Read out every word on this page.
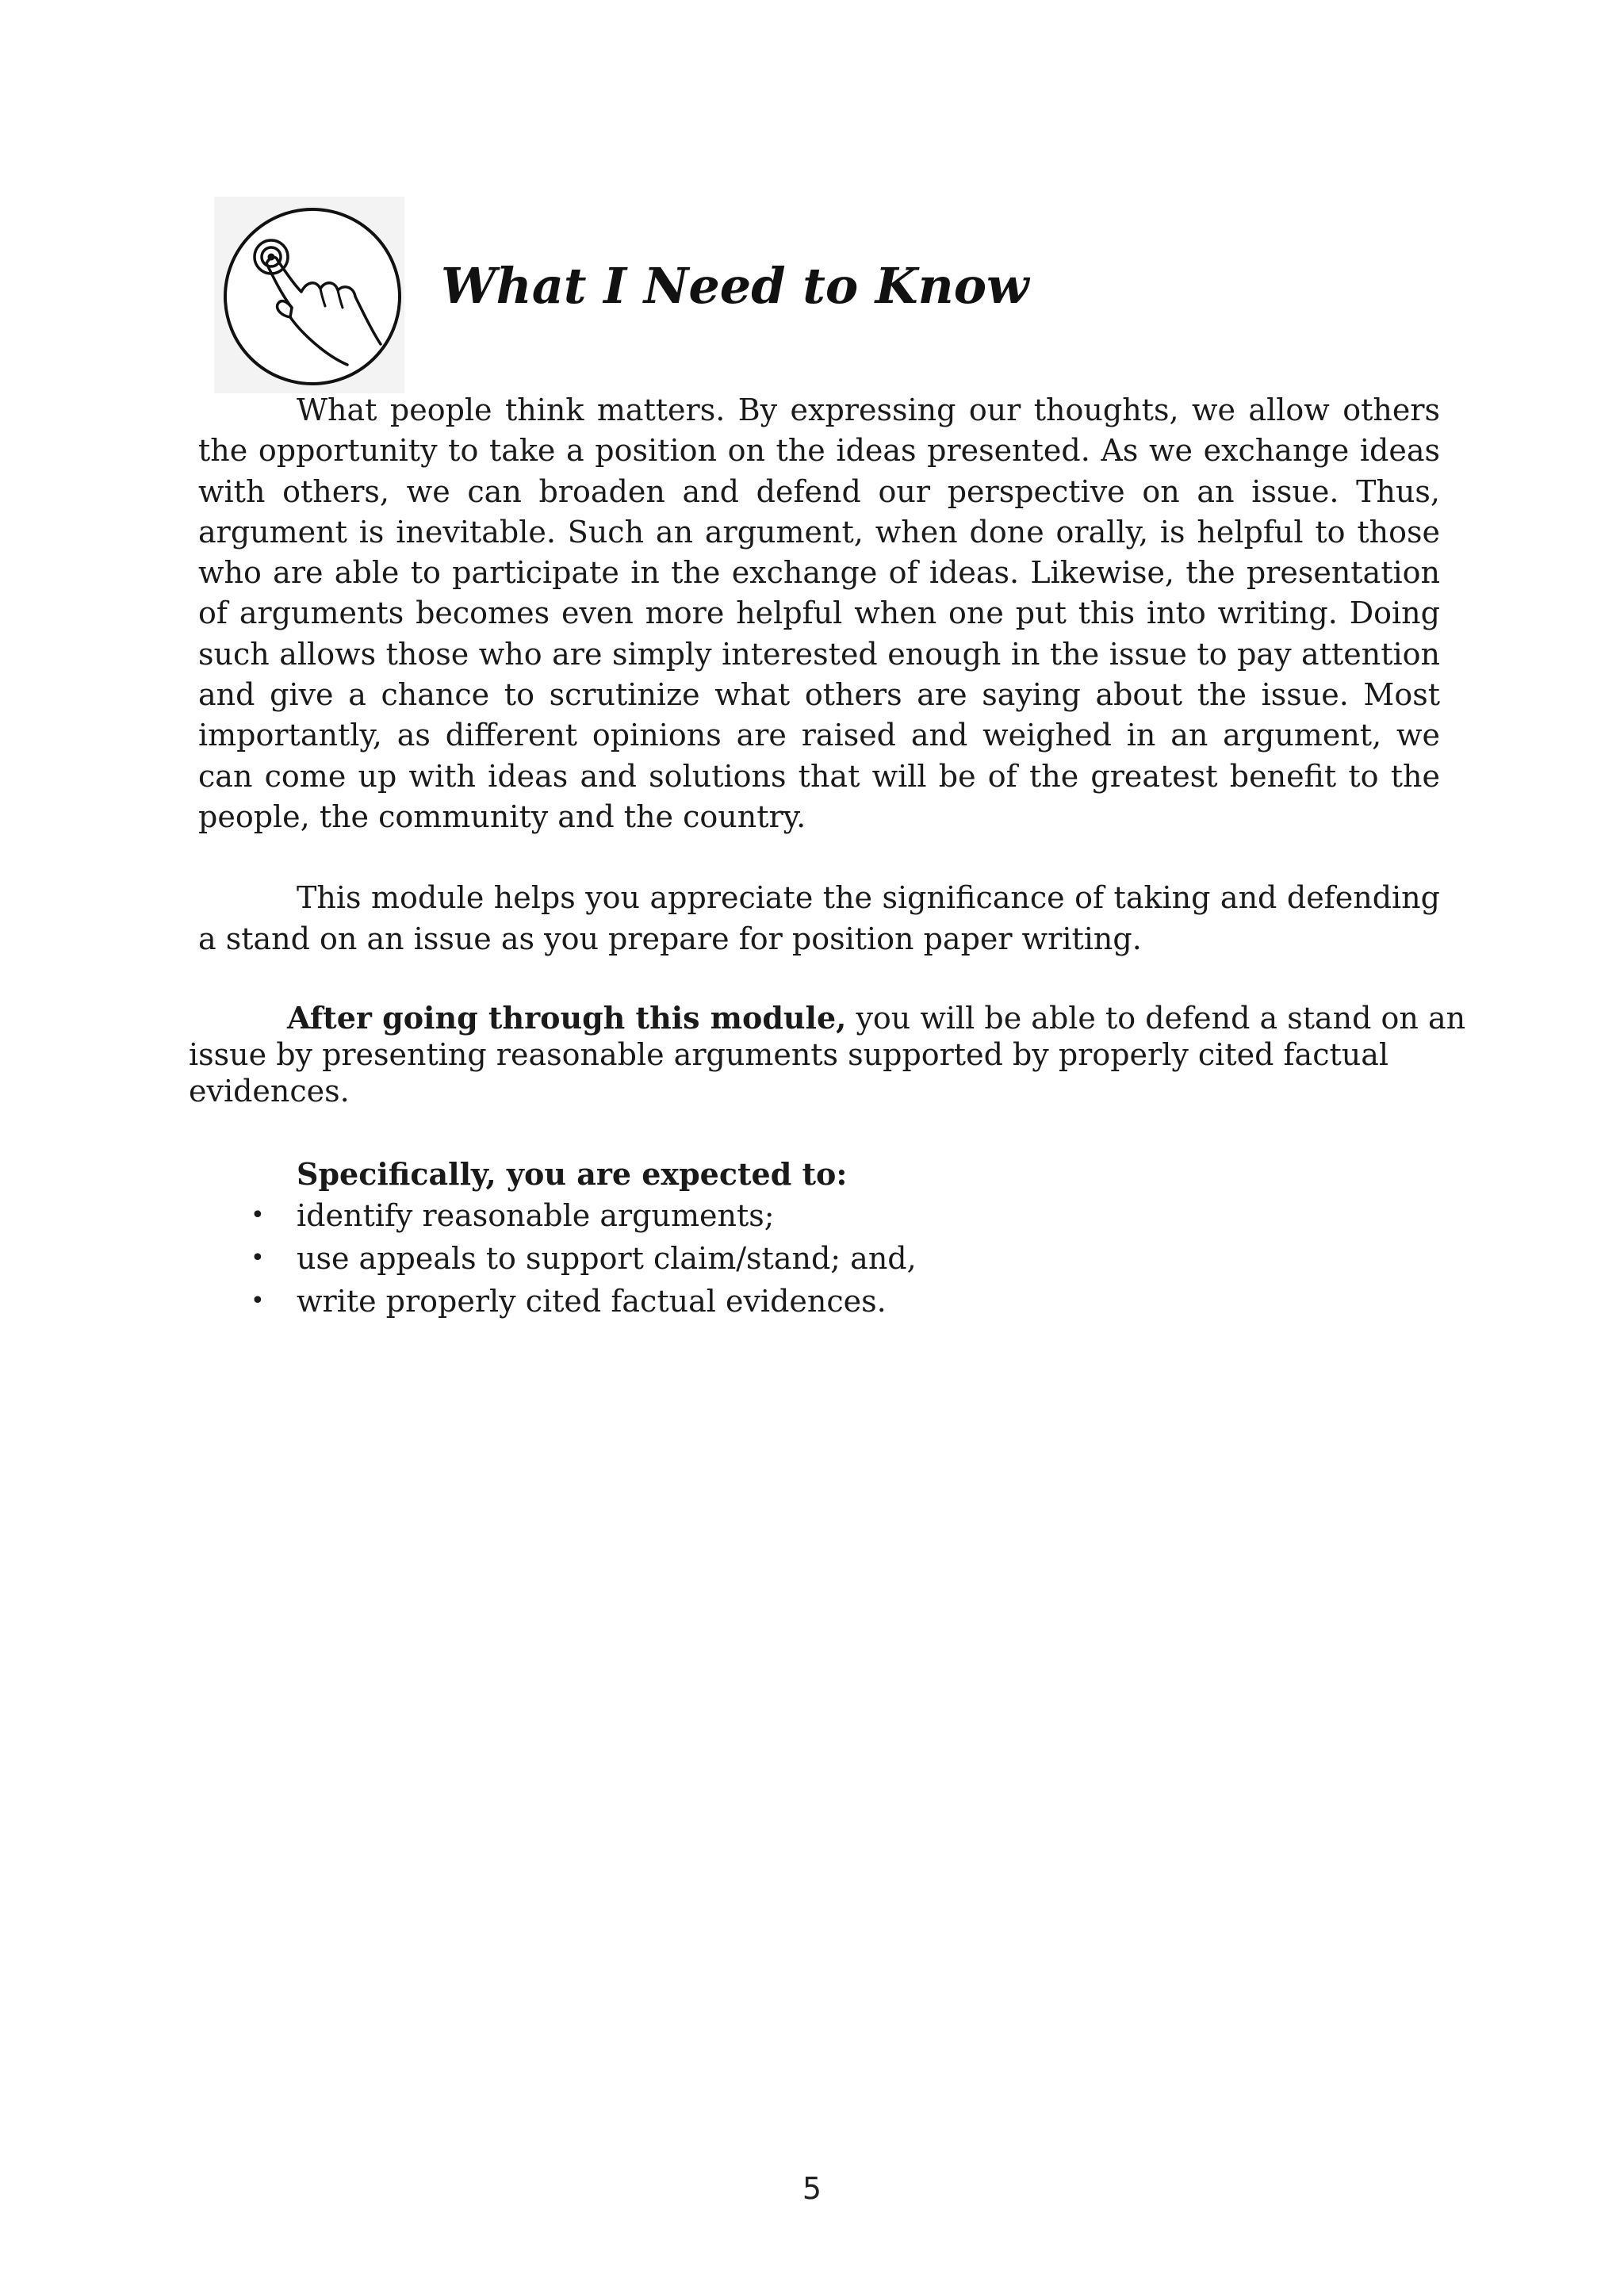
What I Need to Know

What people think matters. By expressing our thoughts, we allow others the opportunity to take a position on the ideas presented. As we exchange ideas with others, we can broaden and defend our perspective on an issue. Thus, argument is inevitable. Such an argument, when done orally, is helpful to those who are able to participate in the exchange of ideas. Likewise, the presentation of arguments becomes even more helpful when one put this into writing. Doing such allows those who are simply interested enough in the issue to pay attention and give a chance to scrutinize what others are saying about the issue. Most importantly, as different opinions are raised and weighed in an argument, we can come up with ideas and solutions that will be of the greatest benefit to the people, the community and the country.

This module helps you appreciate the significance of taking and defending a stand on an issue as you prepare for position paper writing.

After going through this module, you will be able to defend a stand on an issue by presenting reasonable arguments supported by properly cited factual evidences.

Specifically, you are expected to:

• identify reasonable arguments;
• use appeals to support claim/stand; and,
• write properly cited factual evidences.
5
